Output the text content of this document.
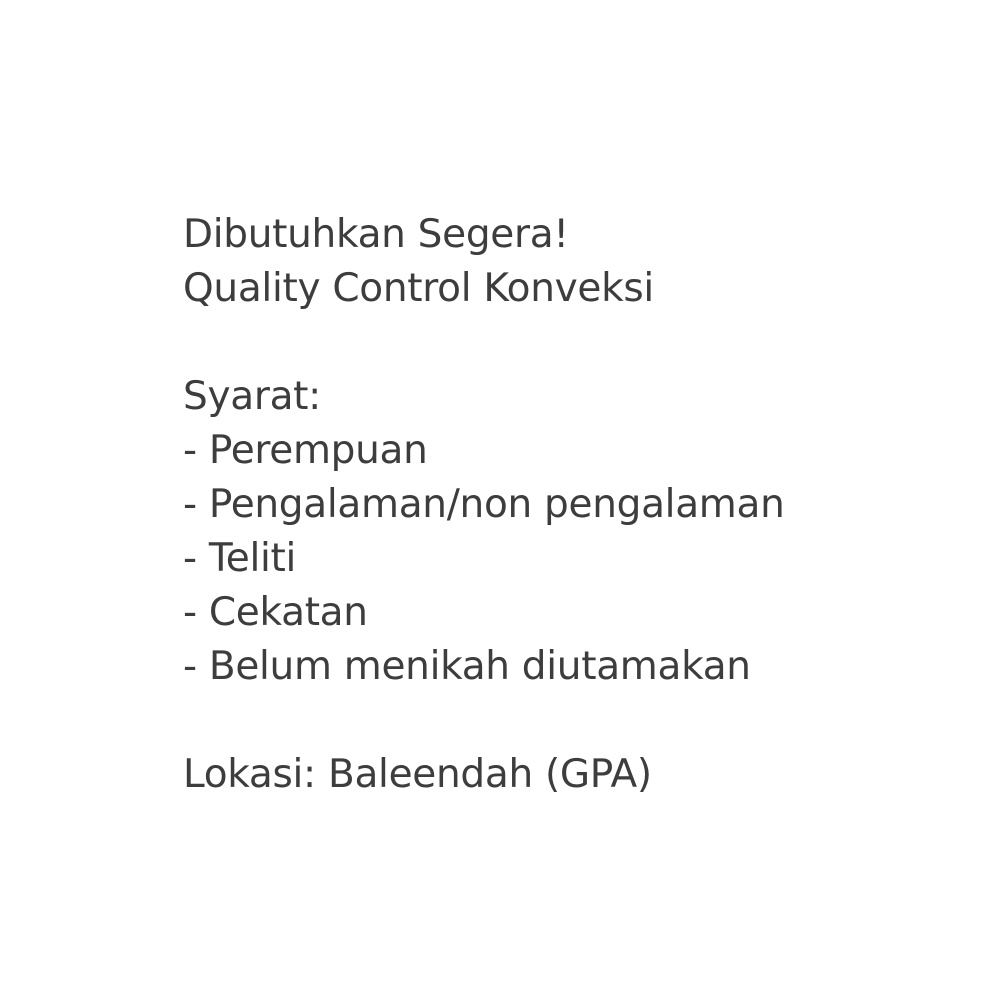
Dibutuhkan Segera!

Quality Control Konveksi

Syarat:

- Perempuan
- Pengalaman/non pengalaman
- Teliti
- Cekatan
- Belum menikah diutamakan

Lokasi: Baleendah (GPA)
